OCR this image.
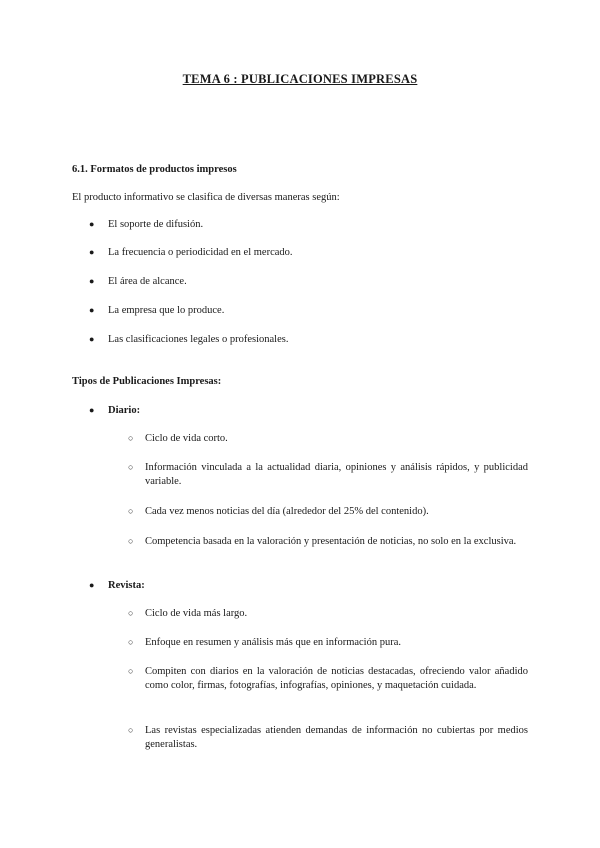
TEMA 6 : PUBLICACIONES IMPRESAS
6.1. Formatos de productos impresos
El producto informativo se clasifica de diversas maneras según:
● El soporte de difusión.
● La frecuencia o periodicidad en el mercado.
● El área de alcance.
● La empresa que lo produce.
● Las clasificaciones legales o profesionales.
Tipos de Publicaciones Impresas:
● Diario:
○ Ciclo de vida corto.
○ Información vinculada a la actualidad diaria, opiniones y análisis rápidos, y publicidad variable.
○ Cada vez menos noticias del día (alrededor del 25% del contenido).
○ Competencia basada en la valoración y presentación de noticias, no solo en la exclusiva.
● Revista:
○ Ciclo de vida más largo.
○ Enfoque en resumen y análisis más que en información pura.
○ Compiten con diarios en la valoración de noticias destacadas, ofreciendo valor añadido como color, firmas, fotografías, infografías, opiniones, y maquetación cuidada.
○ Las revistas especializadas atienden demandas de información no cubiertas por medios generalistas.
